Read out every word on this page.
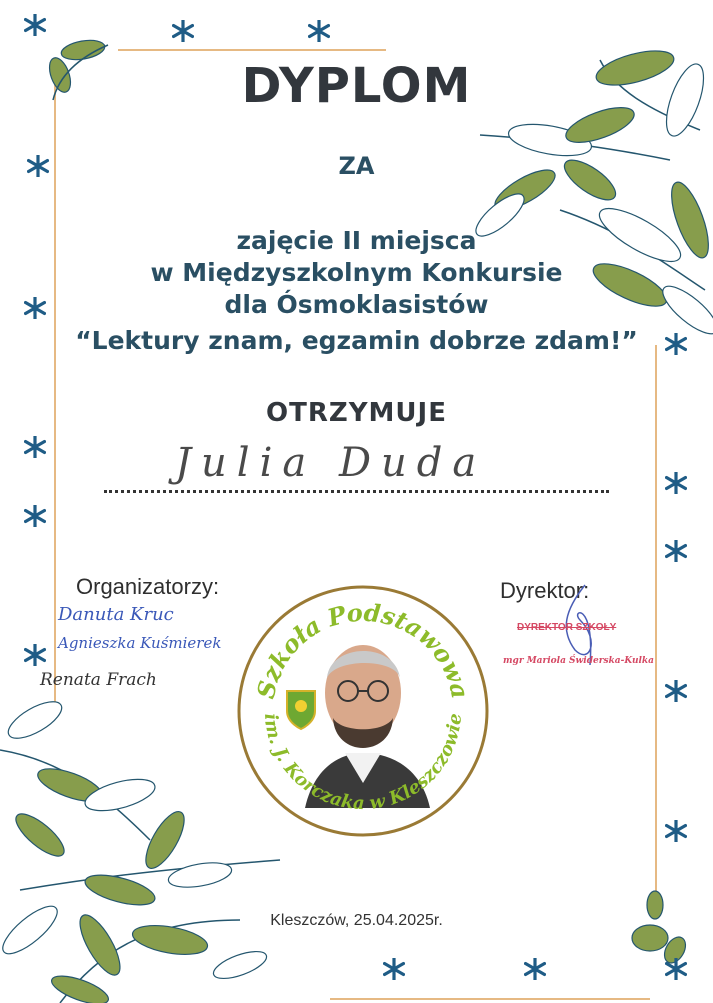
DYPLOM
ZA
zajęcie II miejsca
w Międzyszkolnym Konkursie
dla Ósmoklasistów
“Lektury znam, egzamin dobrze zdam!”
OTRZYMUJE
Julia Duda
Organizatorzy:
Danuta Kruc
Agnieszka Kuśmierek
Renata Frach
Dyrektor:
DYREKTOR SZKOŁY
mgr Mariola Świderska-Kulka
Szkoła Podstawowa
im. J. Korczaka w Kleszczowie
Kleszczów, 25.04.2025r.
